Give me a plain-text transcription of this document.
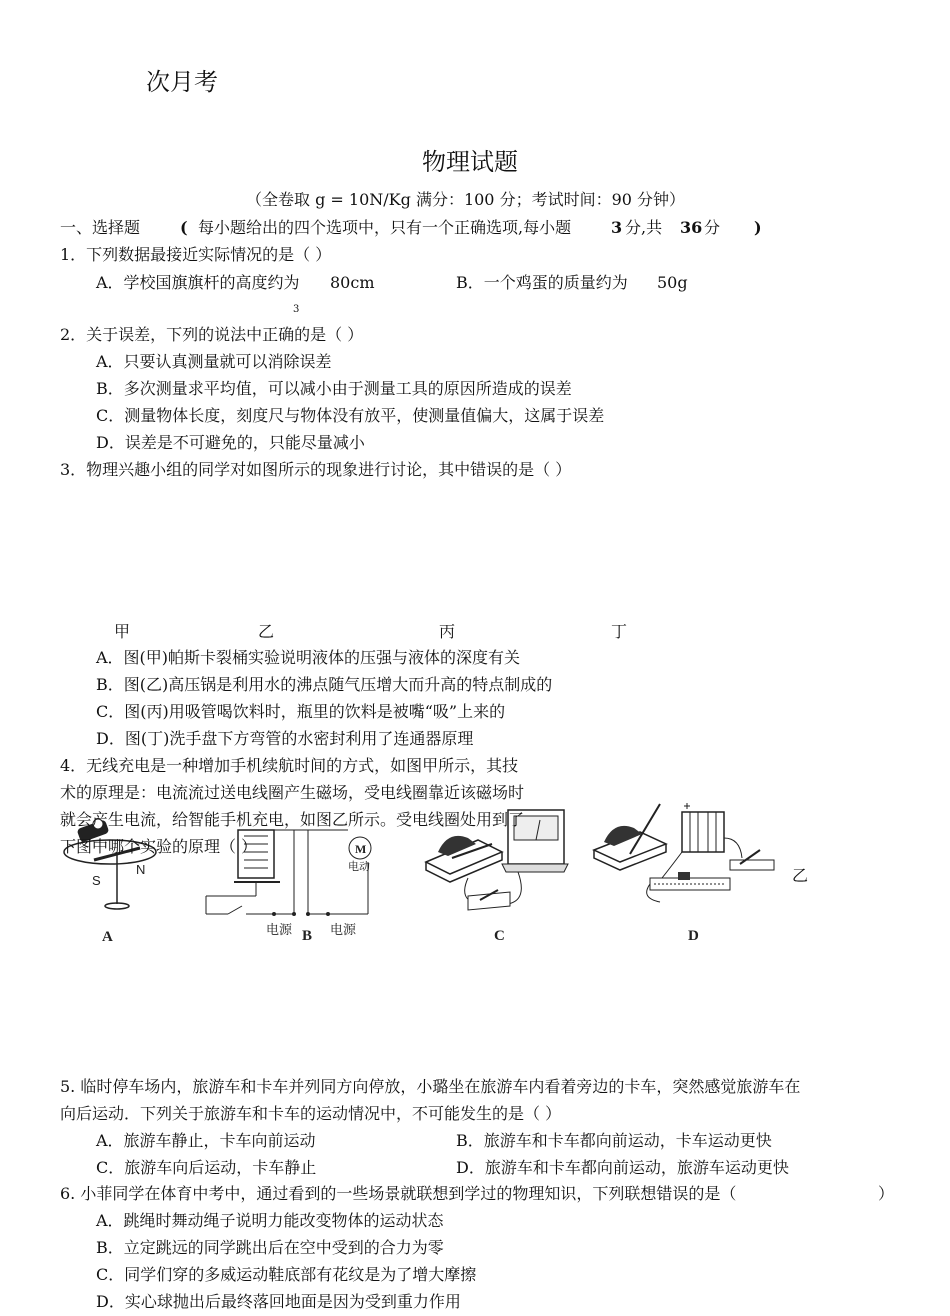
次月考
物理试题
（全卷取 g = 10N/Kg 满分：100 分；考试时间：90 分钟）
一、选择题 ( 每小题给出的四个选项中，只有一个正确选项,每小题 3 分,共 36 分 )
1．下列数据最接近实际情况的是（ ）
A．学校国旗旗杆的高度约为 80cm	B．一个鸡蛋的质量约为 50g
3
2．关于误差，下列的说法中正确的是（ ）
A．只要认真测量就可以消除误差
B．多次测量求平均值，可以减小由于测量工具的原因所造成的误差
C．测量物体长度，刻度尺与物体没有放平，使测量值偏大，这属于误差
D．误差是不可避免的，只能尽量减小
3．物理兴趣小组的同学对如图所示的现象进行讨论，其中错误的是（ ）
甲	乙	丙	丁
A．图(甲)帕斯卡裂桶实验说明液体的压强与液体的深度有关
B．图(乙)高压锅是利用水的沸点随气压增大而升高的特点制成的
C．图(丙)用吸管喝饮料时，瓶里的饮料是被嘴“吸”上来的
D．图(丁)洗手盘下方弯管的水密封利用了连通器原理
S
N
A
M
电动
电源 B 电源	C	D
4．无线充电是一种增加手机续航时间的方式，如图甲所示，其技
术的原理是：电流流过送电线圈产生磁场，受电线圈靠近该磁场时
就会产生电流，给智能手机充电，如图乙所示。受电线圈处用到了
下图中哪个实验的原理（ ）
乙
5. 临时停车场内，旅游车和卡车并列同方向停放，小璐坐在旅游车内看着旁边的卡车，突然感觉旅游车在
向后运动．下列关于旅游车和卡车的运动情况中，不可能发生的是（ ）
A．旅游车静止，卡车向前运动	B．旅游车和卡车都向前运动，卡车运动更快
C．旅游车向后运动，卡车静止	D．旅游车和卡车都向前运动，旅游车运动更快
6. 小菲同学在体育中考中，通过看到的一些场景就联想到学过的物理知识，下列联想错误的是（	）
A．跳绳时舞动绳子说明力能改变物体的运动状态
B．立定跳远的同学跳出后在空中受到的合力为零
C．同学们穿的多威运动鞋底部有花纹是为了增大摩擦
D．实心球抛出后最终落回地面是因为受到重力作用
